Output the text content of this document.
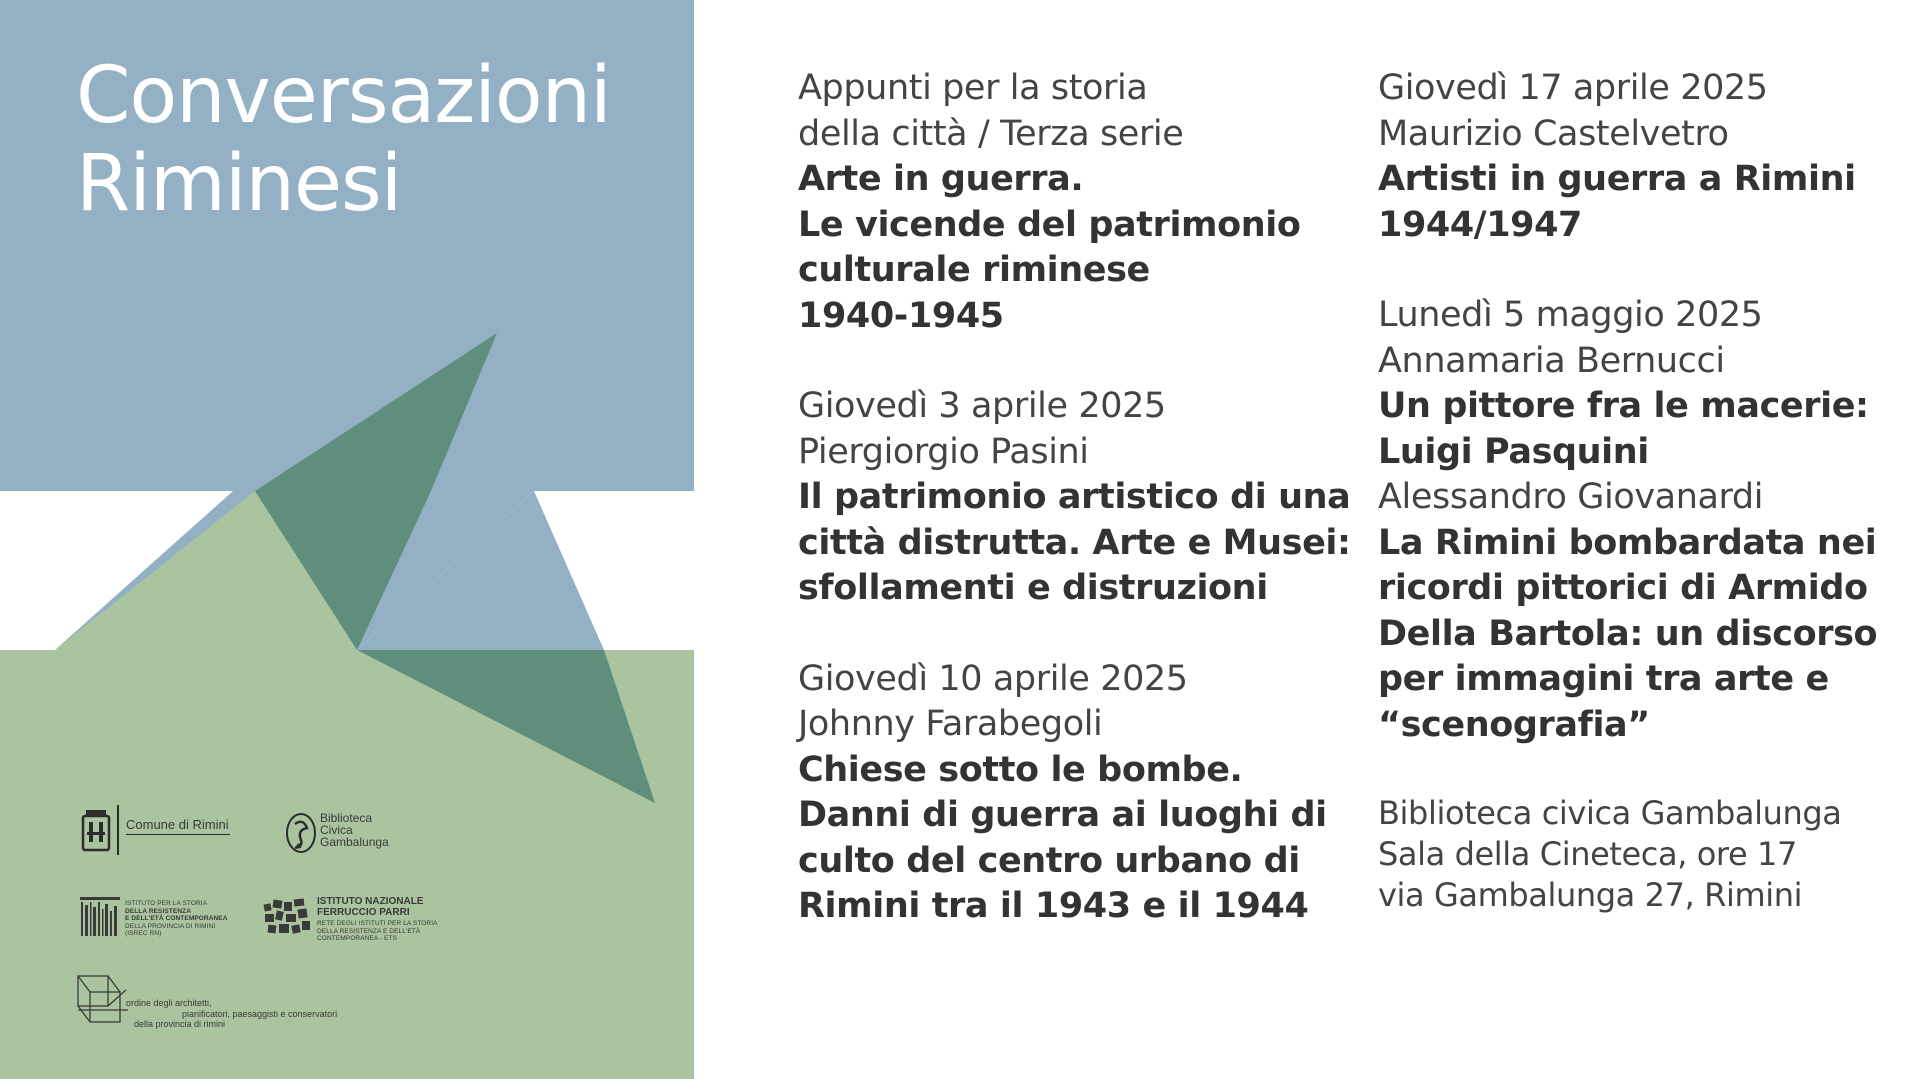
Conversazioni
Riminesi
Comune di Rimini	Biblioteca
Civica
Gambalunga
ISTITUTO PER LA STORIA
DELLA RESISTENZA
E DELL'ETÀ CONTEMPORANEA
DELLA PROVINCIA DI RIMINI
(ISREC RN)
ISTITUTO NAZIONALE
FERRUCCIO PARRI
RETE DEGLI ISTITUTI PER LA STORIA
DELLA RESISTENZA E DELL'ETÀ
CONTEMPORANEA - ETS
ordine degli architetti,
pianificatori, paesaggisti e conservatori
della provincia di rimini
Appunti per la storia
della città / Terza serie
Arte in guerra.
Le vicende del patrimonio
culturale riminese
1940-1945
Giovedì 3 aprile 2025
Piergiorgio Pasini
Il patrimonio artistico di una
città distrutta. Arte e Musei:
sfollamenti e distruzioni
Giovedì 10 aprile 2025
Johnny Farabegoli
Chiese sotto le bombe.
Danni di guerra ai luoghi di
culto del centro urbano di
Rimini tra il 1943 e il 1944
Giovedì 17 aprile 2025
Maurizio Castelvetro
Artisti in guerra a Rimini
1944/1947
Lunedì 5 maggio 2025
Annamaria Bernucci
Un pittore fra le macerie:
Luigi Pasquini
Alessandro Giovanardi
La Rimini bombardata nei
ricordi pittorici di Armido
Della Bartola: un discorso
per immagini tra arte e
“scenografia”
Biblioteca civica Gambalunga
Sala della Cineteca, ore 17
via Gambalunga 27, Rimini
